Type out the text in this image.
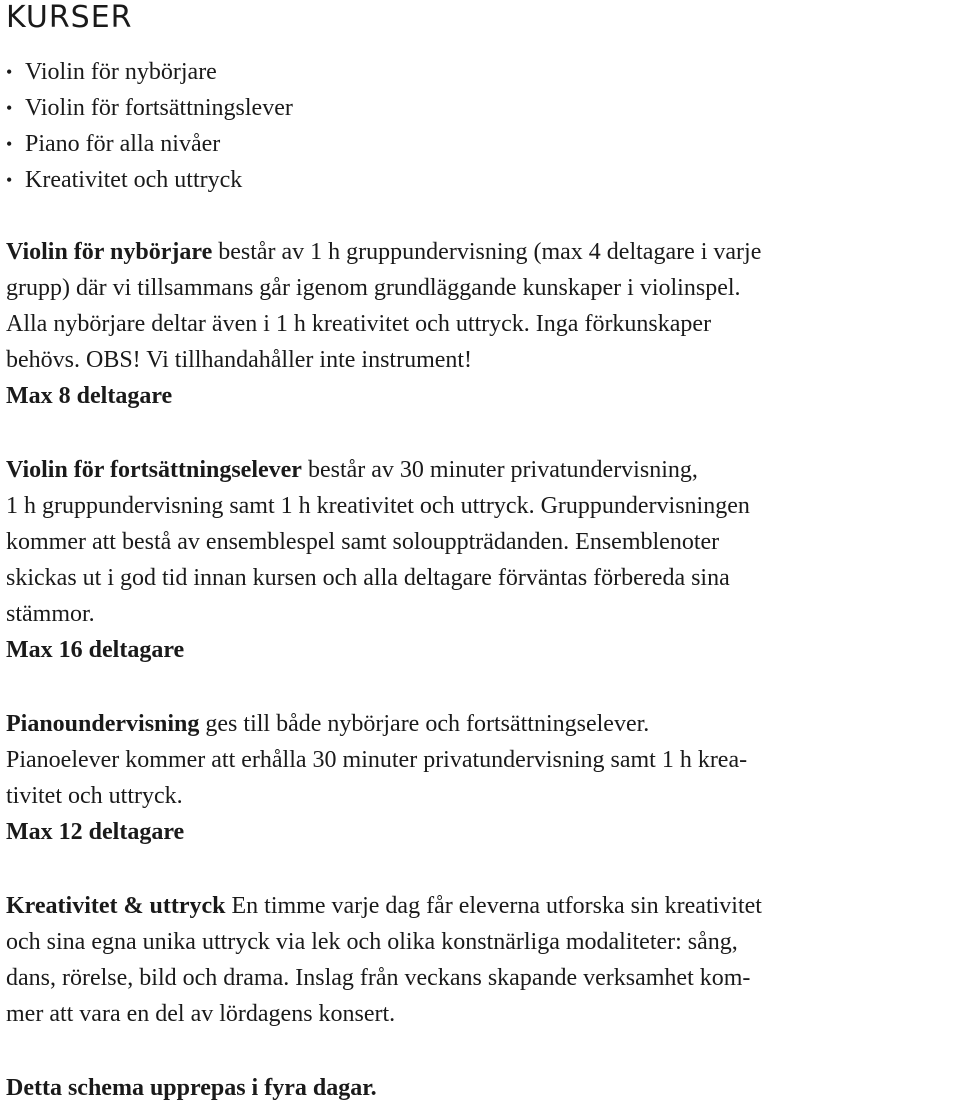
KURSER
• Violin för nybörjare
• Violin för fortsättningslever
• Piano för alla nivåer
• Kreativitet och uttryck
Violin för nybörjare består av 1 h gruppundervisning (max 4 deltagare i varje
grupp) där vi tillsammans går igenom grundläggande kunskaper i violinspel.
Alla nybörjare deltar även i 1 h kreativitet och uttryck. Inga förkunskaper
behövs. OBS! Vi tillhandahåller inte instrument!
Max 8 deltagare
Violin för fortsättningselever består av 30 minuter privatundervisning,
1 h gruppundervisning samt 1 h kreativitet och uttryck. Gruppundervisningen
kommer att bestå av ensemblespel samt solouppträdanden. Ensemblenoter
skickas ut i god tid innan kursen och alla deltagare förväntas förbereda sina
stämmor.
Max 16 deltagare
Pianoundervisning ges till både nybörjare och fortsättningselever.
Pianoelever kommer att erhålla 30 minuter privatundervisning samt 1 h krea-
tivitet och uttryck.
Max 12 deltagare
Kreativitet & uttryck En timme varje dag får eleverna utforska sin kreativitet
och sina egna unika uttryck via lek och olika konstnärliga modaliteter: sång,
dans, rörelse, bild och drama. Inslag från veckans skapande verksamhet kom-
mer att vara en del av lördagens konsert.
Detta schema upprepas i fyra dagar.
